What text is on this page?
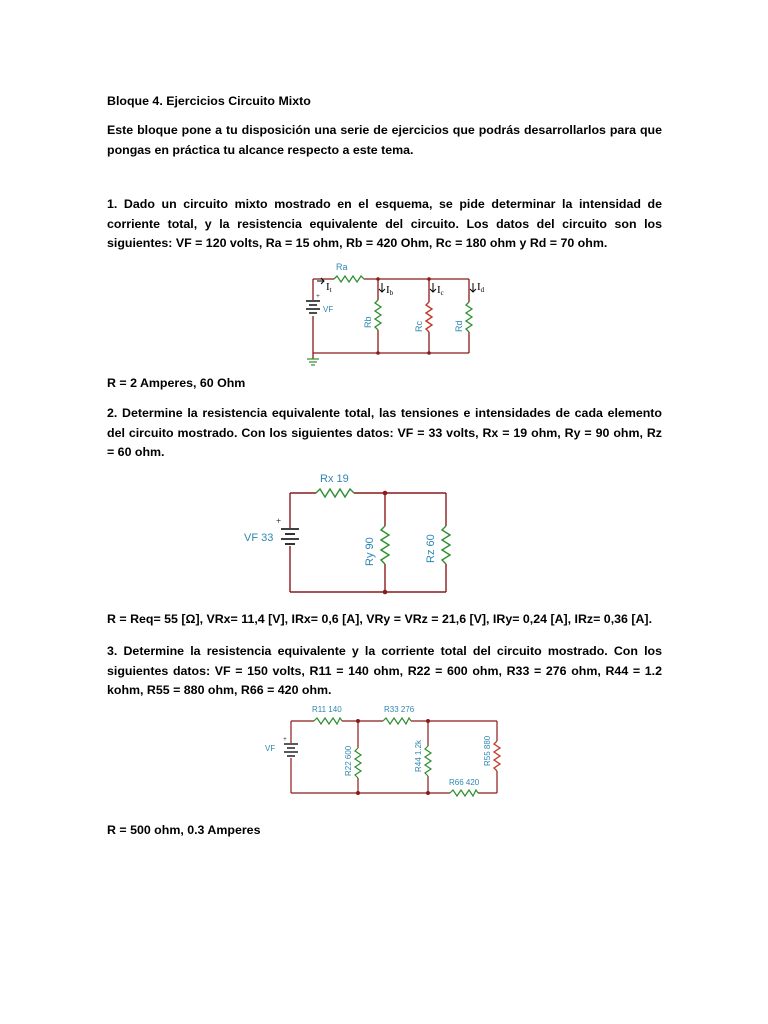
Bloque 4. Ejercicios Circuito Mixto

Este bloque pone a tu disposición una serie de ejercicios que podrás desarrollarlos para que pongas en práctica tu alcance respecto a este tema.

1. Dado un circuito mixto mostrado en el esquema, se pide determinar la intensidad de corriente total, y la resistencia equivalente del circuito. Los datos del circuito son los siguientes: VF = 120 volts, Ra = 15 ohm, Rb = 420 Ohm, Rc = 180 ohm y Rd = 70 ohm.

Ra
VF
+
Rb	Rc	Rd
It	Ib	Ic	Id

R = 2 Amperes, 60 Ohm

2. Determine la resistencia equivalente total, las tensiones e intensidades de cada elemento del circuito mostrado. Con los siguientes datos: VF = 33 volts, Rx = 19 ohm, Ry = 90 ohm, Rz = 60 ohm.

Rx 19
VF 33
+
Ry 90	Rz 60

R = Req= 55 [Ω], VRx= 11,4 [V], IRx= 0,6 [A], VRy = VRz = 21,6 [V], IRy= 0,24 [A], IRz= 0,36 [A].

3. Determine la resistencia equivalente y la corriente total del circuito mostrado. Con los siguientes datos: VF = 150 volts, R11 = 140 ohm, R22 = 600 ohm, R33 = 276 ohm, R44 = 1.2 kohm, R55 = 880 ohm, R66 = 420 ohm.

R11 140	R33 276
VF
+
R22 600	R44 1.2k	R55 880
R66 420

R = 500 ohm, 0.3 Amperes
